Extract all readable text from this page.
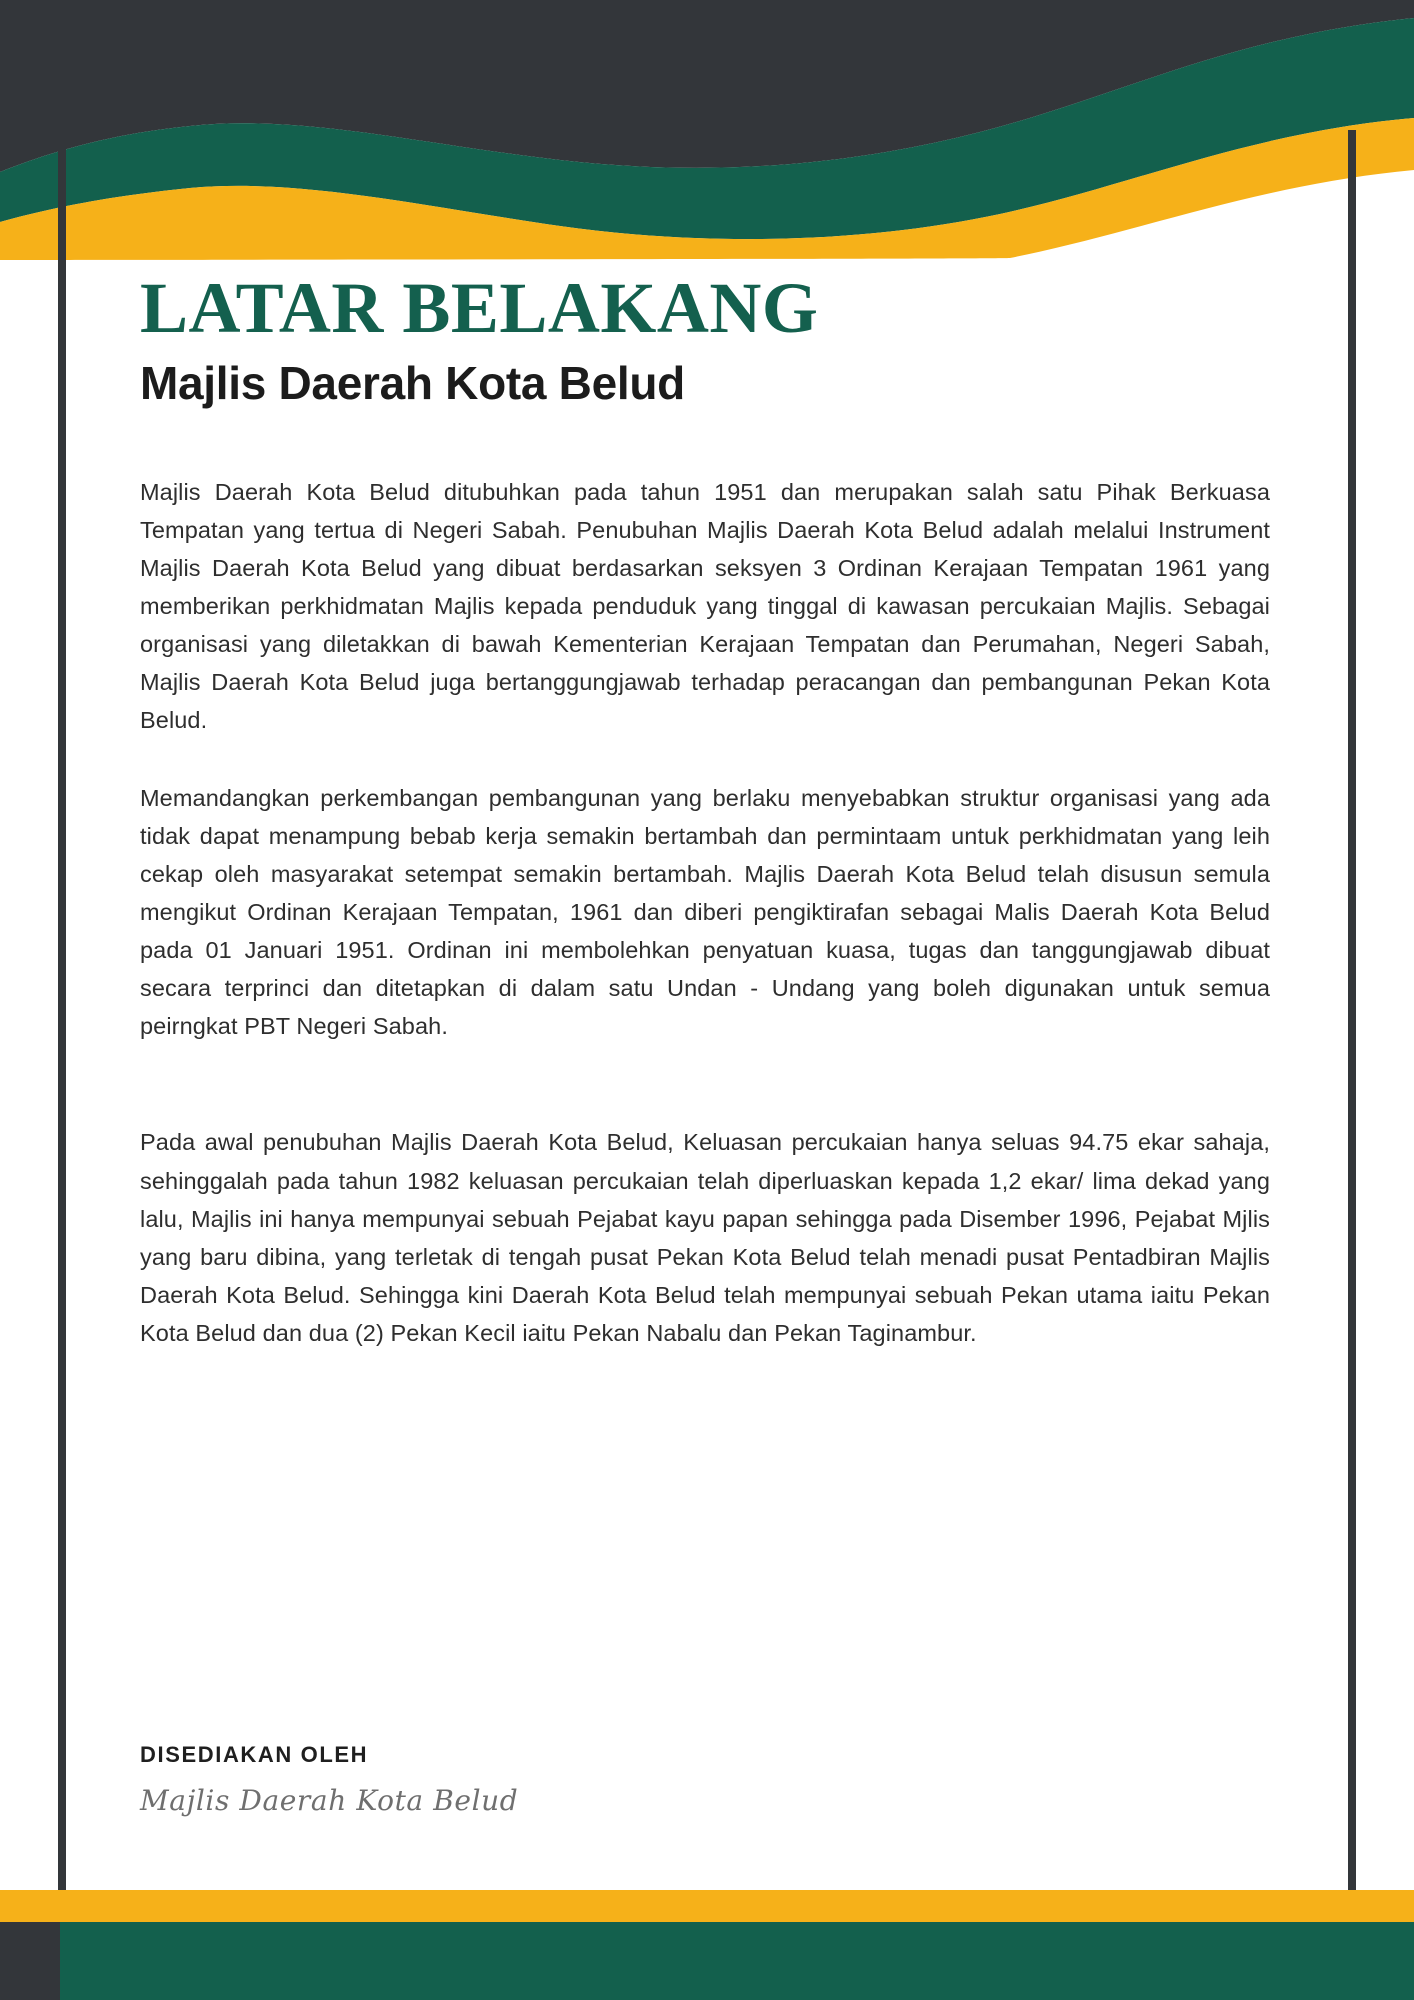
LATAR BELAKANG
Majlis Daerah Kota Belud

Majlis Daerah Kota Belud ditubuhkan pada tahun 1951 dan merupakan salah satu Pihak Berkuasa Tempatan yang tertua di Negeri Sabah. Penubuhan Majlis Daerah Kota Belud adalah melalui Instrument Majlis Daerah Kota Belud yang dibuat berdasarkan seksyen 3 Ordinan Kerajaan Tempatan 1961 yang memberikan perkhidmatan Majlis kepada penduduk yang tinggal di kawasan percukaian Majlis. Sebagai organisasi yang diletakkan di bawah Kementerian Kerajaan Tempatan dan Perumahan, Negeri Sabah, Majlis Daerah Kota Belud juga bertanggungjawab terhadap peracangan dan pembangunan Pekan Kota Belud.

Memandangkan perkembangan pembangunan yang berlaku menyebabkan struktur organisasi yang ada tidak dapat menampung bebab kerja semakin bertambah dan permintaam untuk perkhidmatan yang leih cekap oleh masyarakat setempat semakin bertambah. Majlis Daerah Kota Belud telah disusun semula mengikut Ordinan Kerajaan Tempatan, 1961 dan diberi pengiktirafan sebagai Malis Daerah Kota Belud pada 01 Januari 1951. Ordinan ini membolehkan penyatuan kuasa, tugas dan tanggungjawab dibuat secara terprinci dan ditetapkan di dalam satu Undan - Undang yang boleh digunakan untuk semua peirngkat PBT Negeri Sabah.

Pada awal penubuhan Majlis Daerah Kota Belud, Keluasan percukaian hanya seluas 94.75 ekar sahaja, sehinggalah pada tahun 1982 keluasan percukaian telah diperluaskan kepada 1,2 ekar/ lima dekad yang lalu, Majlis ini hanya mempunyai sebuah Pejabat kayu papan sehingga pada Disember 1996, Pejabat Mjlis yang baru dibina, yang terletak di tengah pusat Pekan Kota Belud telah menadi pusat Pentadbiran Majlis Daerah Kota Belud. Sehingga kini Daerah Kota Belud telah mempunyai sebuah Pekan utama iaitu Pekan Kota Belud dan dua (2) Pekan Kecil iaitu Pekan Nabalu dan Pekan Taginambur.

DISEDIAKAN OLEH
Majlis Daerah Kota Belud
